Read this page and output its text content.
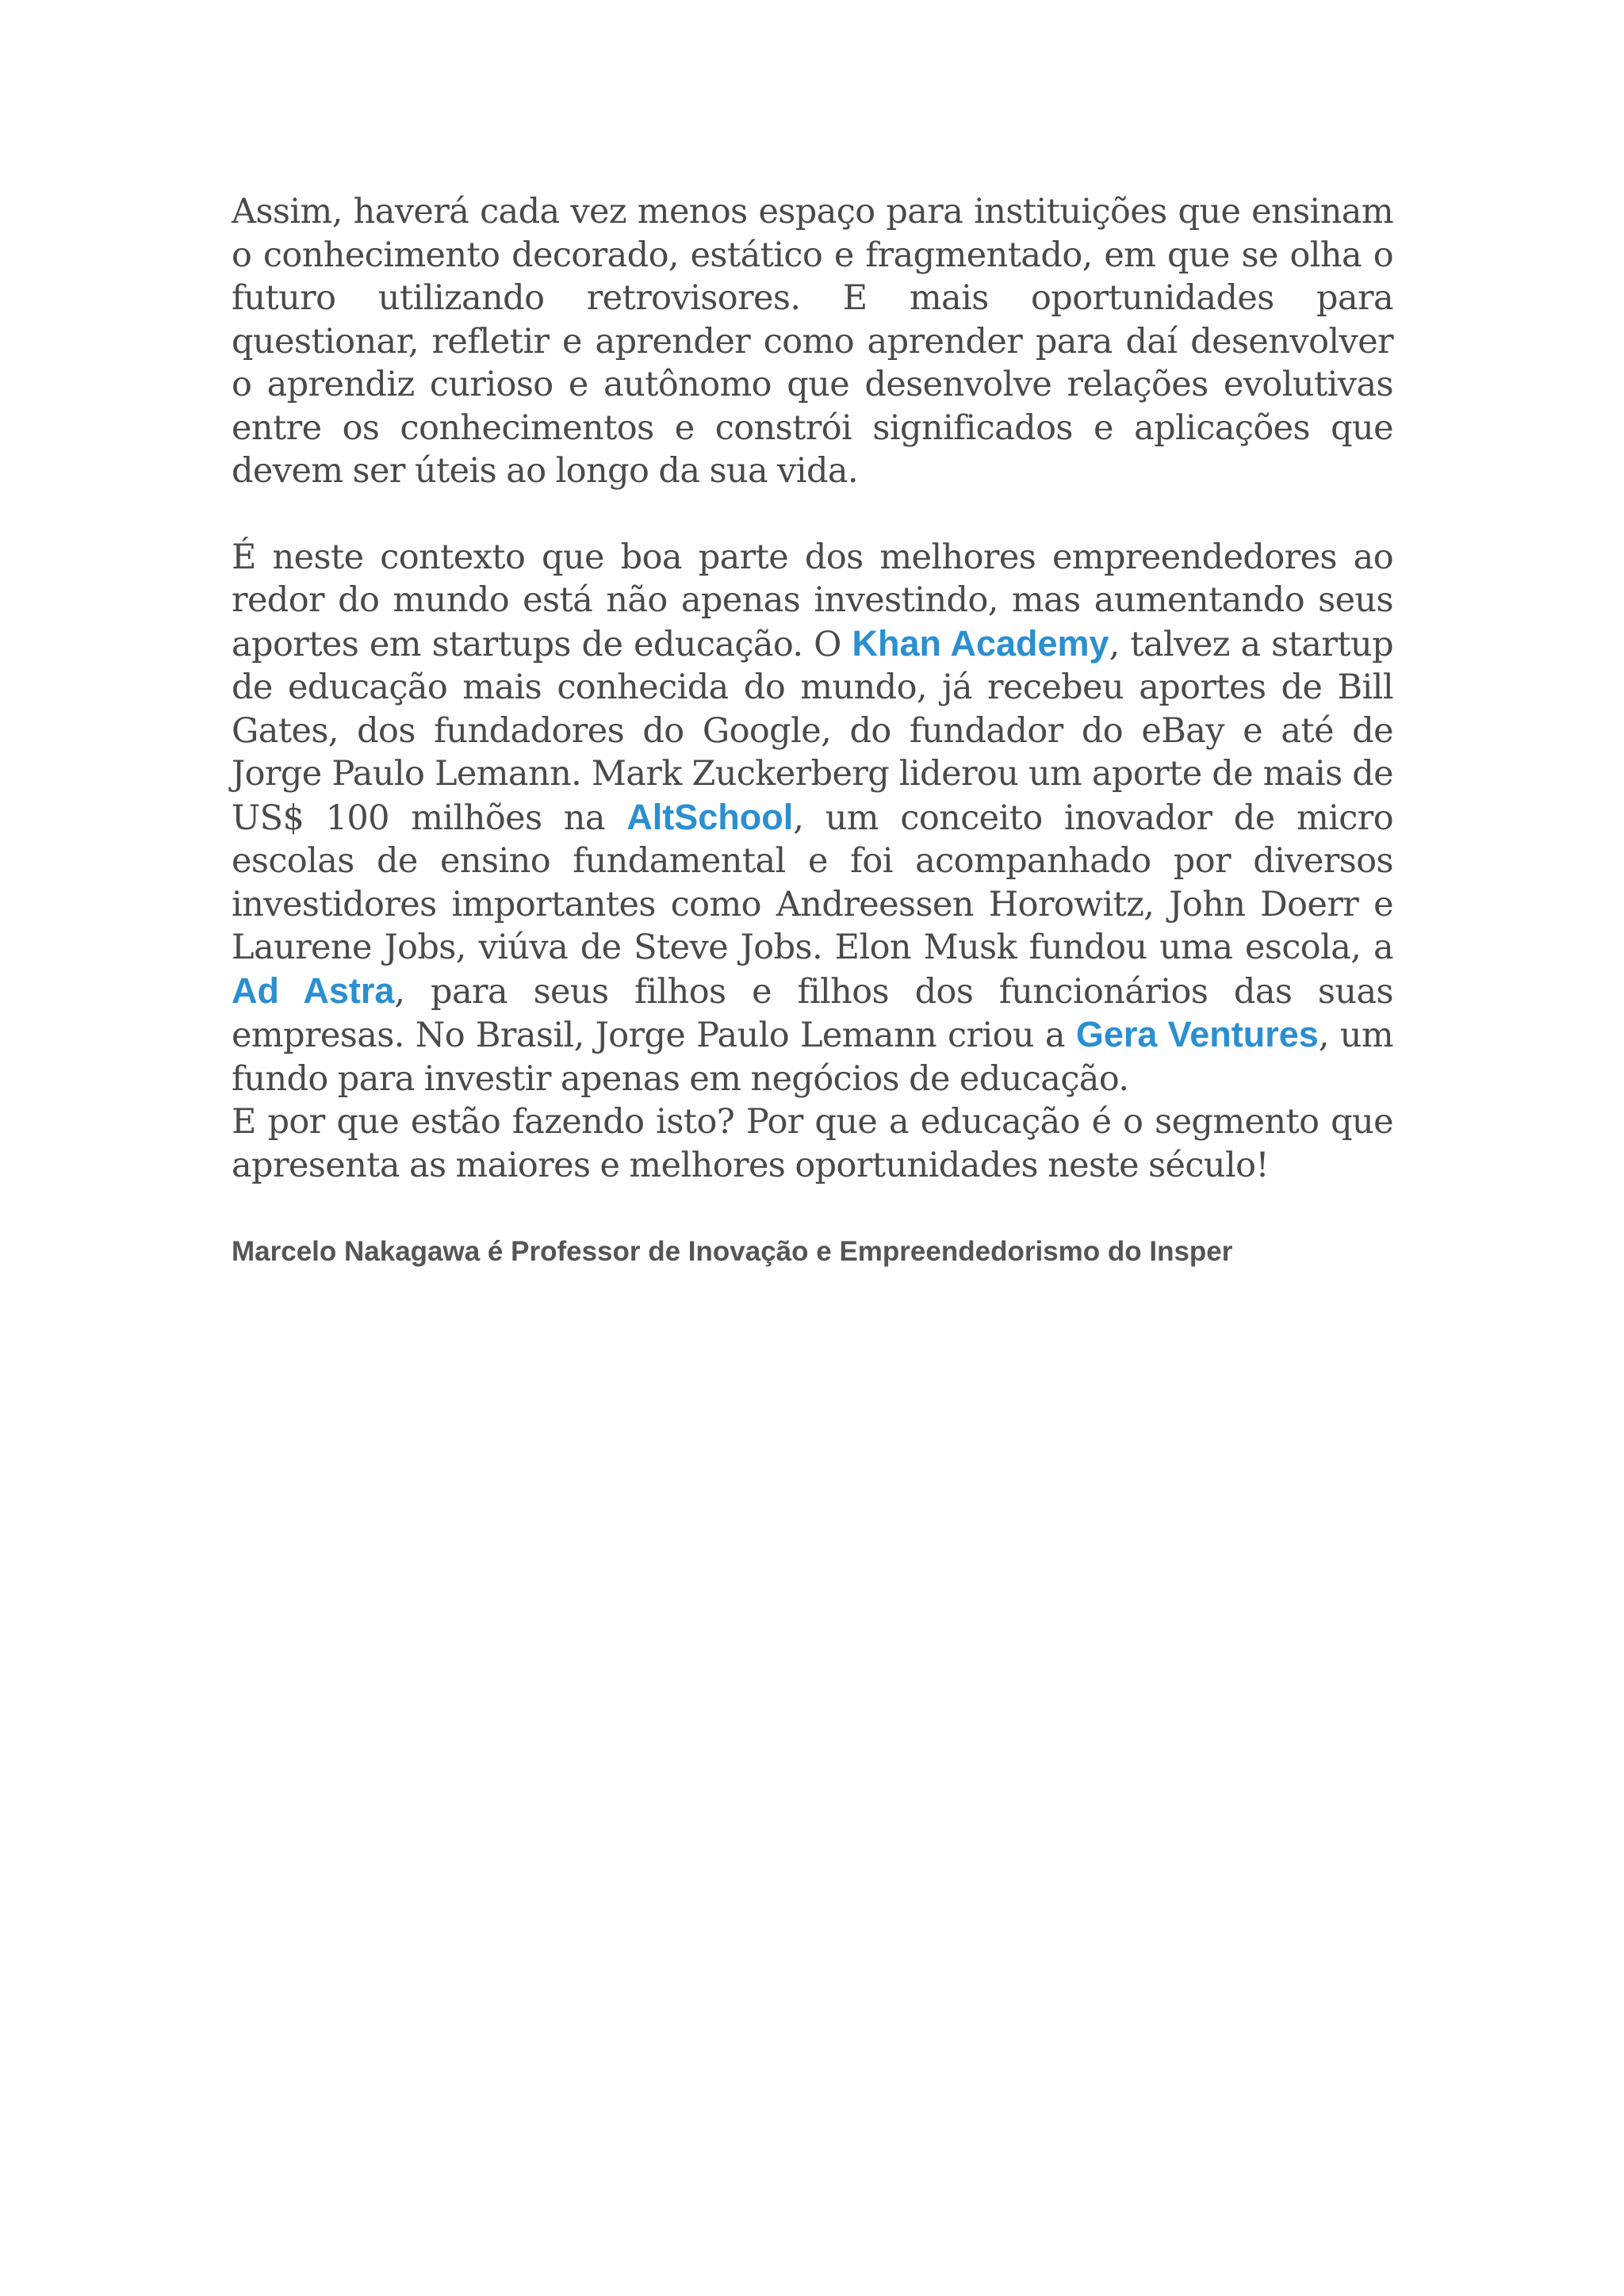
Assim, haverá cada vez menos espaço para instituições que ensinam o conhecimento decorado, estático e fragmentado, em que se olha o futuro utilizando retrovisores. E mais oportunidades para questionar, refletir e aprender como aprender para daí desenvolver o aprendiz curioso e autônomo que desenvolve relações evolutivas entre os conhecimentos e constrói significados e aplicações que devem ser úteis ao longo da sua vida.

É neste contexto que boa parte dos melhores empreendedores ao redor do mundo está não apenas investindo, mas aumentando seus aportes em startups de educação. O Khan Academy, talvez a startup de educação mais conhecida do mundo, já recebeu aportes de Bill Gates, dos fundadores do Google, do fundador do eBay e até de Jorge Paulo Lemann. Mark Zuckerberg liderou um aporte de mais de US$ 100 milhões na AltSchool, um conceito inovador de micro escolas de ensino fundamental e foi acompanhado por diversos investidores importantes como Andreessen Horowitz, John Doerr e Laurene Jobs, viúva de Steve Jobs. Elon Musk fundou uma escola, a Ad Astra, para seus filhos e filhos dos funcionários das suas empresas. No Brasil, Jorge Paulo Lemann criou a Gera Ventures, um fundo para investir apenas em negócios de educação.

E por que estão fazendo isto? Por que a educação é o segmento que apresenta as maiores e melhores oportunidades neste século!

Marcelo Nakagawa é Professor de Inovação e Empreendedorismo do Insper
